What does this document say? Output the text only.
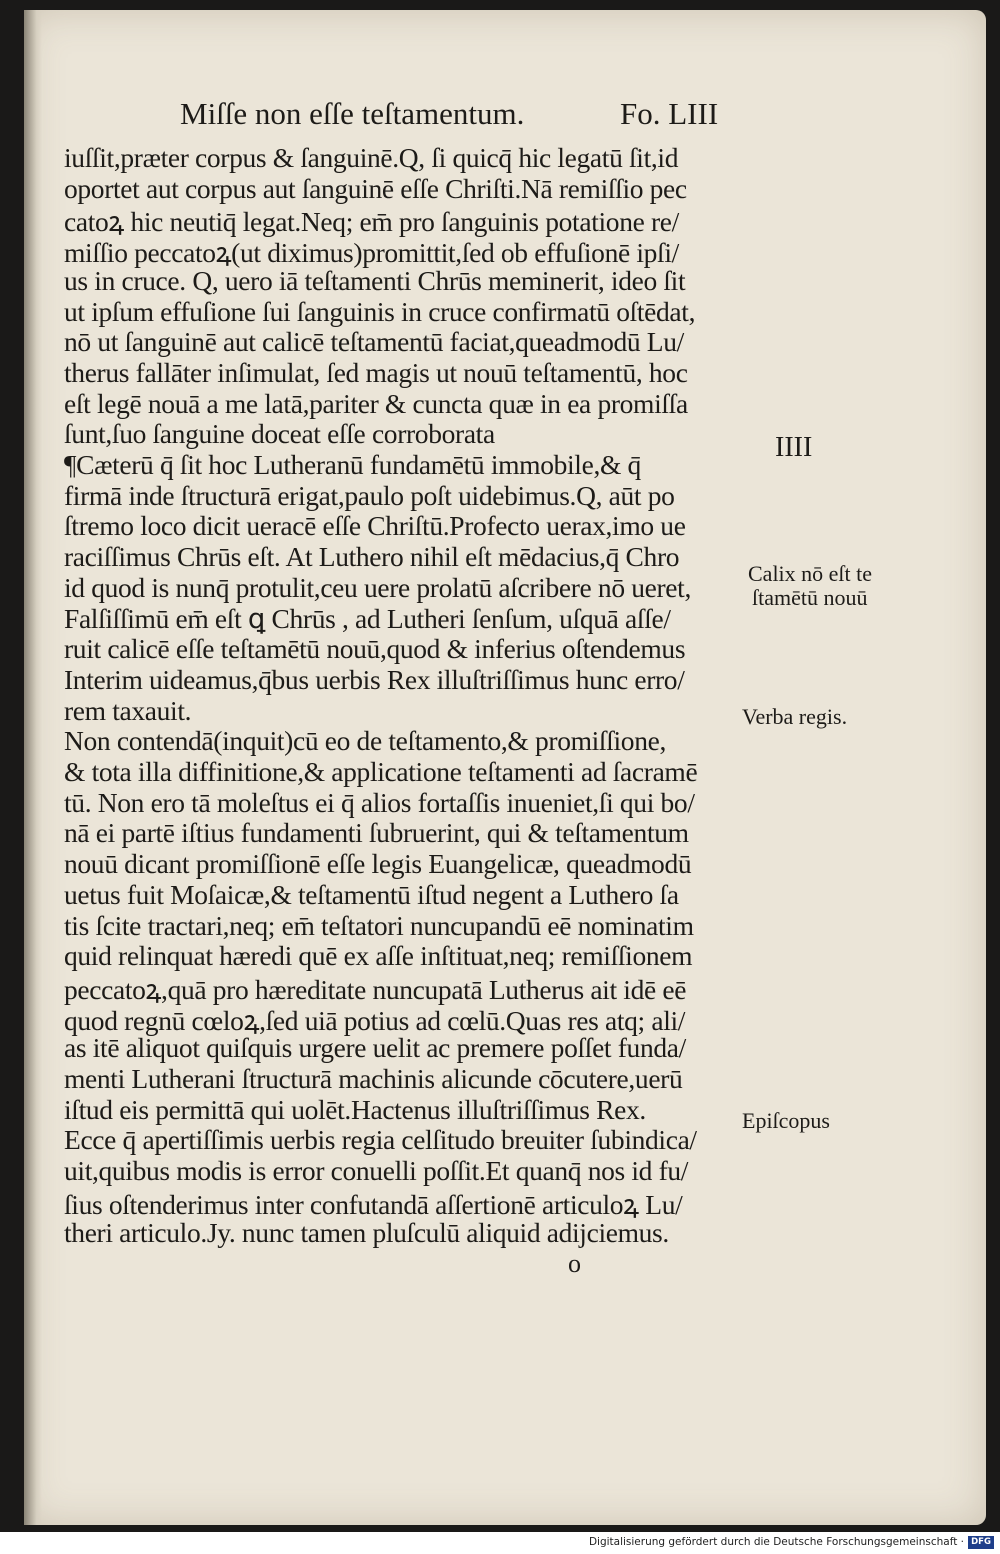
Miſſe non eſſe teſtamentum.	Fo. LIII
iuſſit,præter corpus & ſanguinē.Q, ſi quicq̄ hic legatū ſit,id
oportet aut corpus aut ſanguinē eſſe Chriſti.Nā remiſſio pec
catoꝝ hic neutiq̄ legat.Neq; em̄ pro ſanguinis potatione re/
miſſio peccatoꝝ(ut diximus)promittit,ſed ob effuſionē ipſi/
us in cruce. Q, uero iā teſtamenti Chrūs meminerit, ideo ſit
ut ipſum effuſione ſui ſanguinis in cruce confirmatū oſtēdat,
nō ut ſanguinē aut calicē teſtamentū faciat,queadmodū Lu/
therus fallāter inſimulat, ſed magis ut nouū teſtamentū, hoc
eſt legē nouā a me latā,pariter & cuncta quæ in ea promiſſa
ſunt,ſuo ſanguine doceat eſſe corroborata
¶Cæterū q̄ ſit hoc Lutheranū fundamētū immobile,& q̄
firmā inde ſtructurā erigat,paulo poſt uidebimus.Q, aūt po
ſtremo loco dicit ueracē eſſe Chriſtū.Profecto uerax,imo ue
raciſſimus Chrūs eſt. At Luthero nihil eſt mēdacius,q̄ Chro
id quod is nunq̄ protulit,ceu uere prolatū aſcribere nō ueret,
Falſiſſimū em̄ eſt ꝗ Chrūs , ad Lutheri ſenſum, uſquā aſſe/
ruit calicē eſſe teſtamētū nouū,quod & inferius oſtendemus
Interim uideamus,q̄bus uerbis Rex illuſtriſſimus hunc erro/
rem taxauit.
Non contendā(inquit)cū eo de teſtamento,& promiſſione,
& tota illa diffinitione,& applicatione teſtamenti ad ſacramē
tū. Non ero tā moleſtus ei q̄ alios fortaſſis inueniet,ſi qui bo/
nā ei partē iſtius fundamenti ſubruerint, qui & teſtamentum
nouū dicant promiſſionē eſſe legis Euangelicæ, queadmodū
uetus fuit Moſaicæ,& teſtamentū iſtud negent a Luthero ſa
tis ſcite tractari,neq; em̄ teſtatori nuncupandū eē nominatim
quid relinquat hæredi quē ex aſſe inſtituat,neq; remiſſionem
peccatoꝝ,quā pro hæreditate nuncupatā Lutherus ait idē eē
quod regnū cœloꝝ,ſed uiā potius ad cœlū.Quas res atq; ali/
as itē aliquot quiſquis urgere uelit ac premere poſſet funda/
menti Lutherani ſtructurā machinis alicunde cōcutere,uerū
iſtud eis permittā qui uolēt.Hactenus illuſtriſſimus Rex.
Ecce q̄ apertiſſimis uerbis regia celſitudo breuiter ſubindica/
uit,quibus modis is error conuelli poſſit.Et quanq̄ nos id fu/
ſius oſtenderimus inter confutandā aſſertionē articuloꝝ Lu/
theri articulo.Jy. nunc tamen pluſculū aliquid adijciemus.
IIII
Calix nō eſt te
ſtamētū nouū
Verba regis.
Epiſcopus
o
Digitalisierung gefördert durch die Deutsche Forschungsgemeinschaft · DFG
